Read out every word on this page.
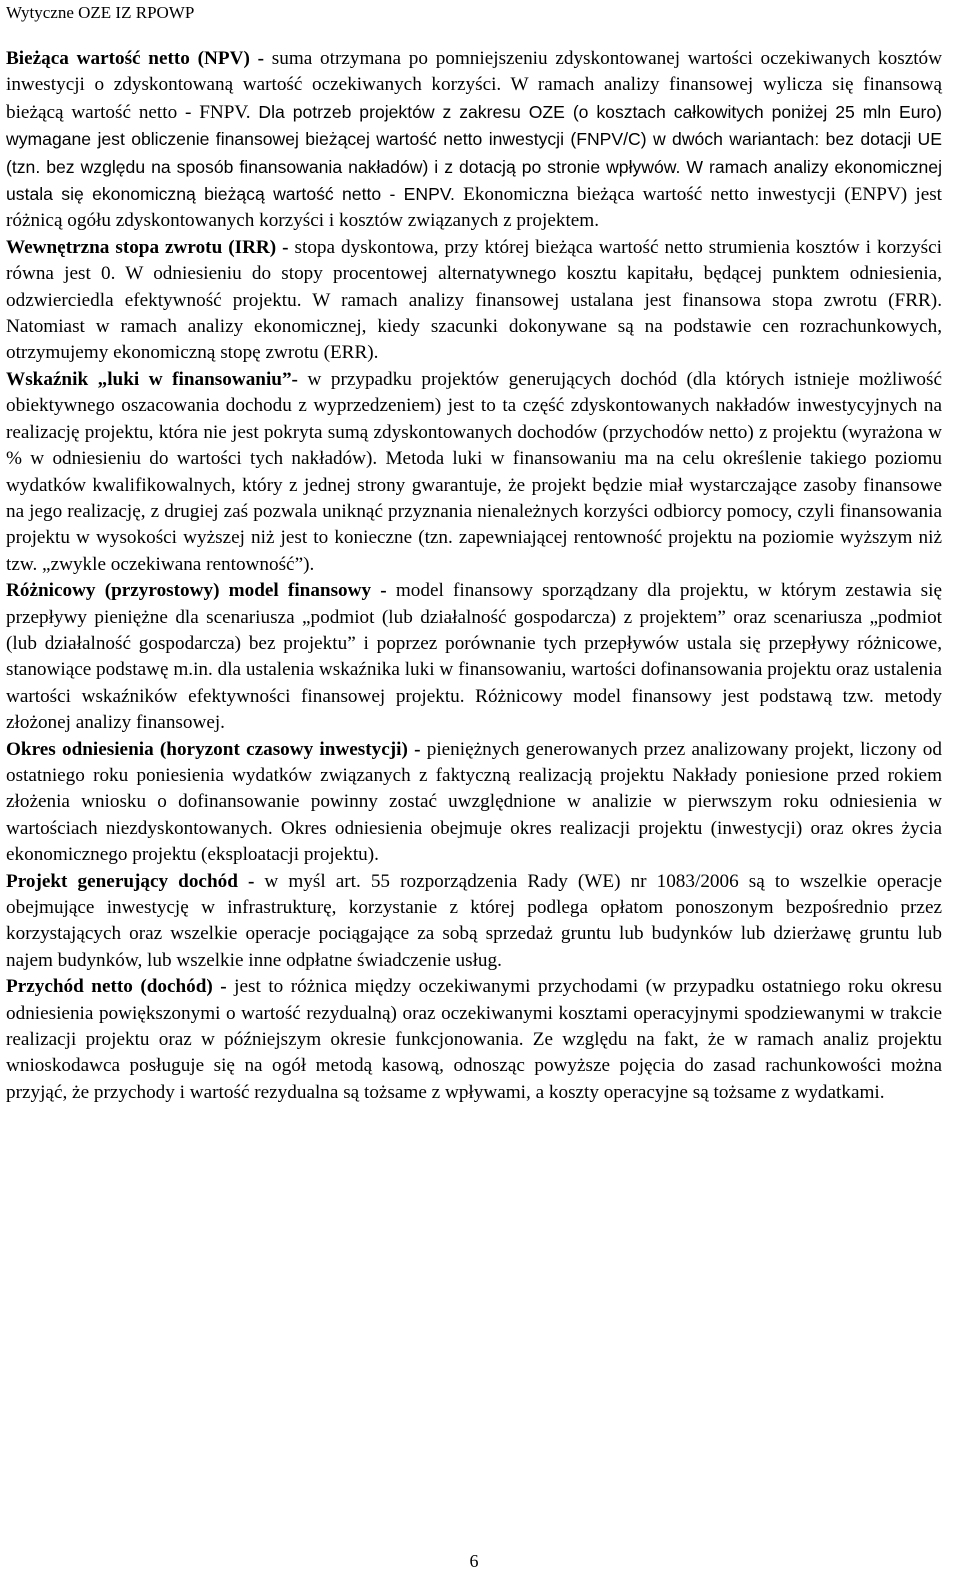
Wytyczne OZE IZ RPOWP

Bieżąca wartość netto (NPV) - suma otrzymana po pomniejszeniu zdyskontowanej wartości oczekiwanych kosztów inwestycji o zdyskontowaną wartość oczekiwanych korzyści. W ramach analizy finansowej wylicza się finansową bieżącą wartość netto - FNPV. Dla potrzeb projektów z zakresu OZE (o kosztach całkowitych poniżej 25 mln Euro) wymagane jest obliczenie finansowej bieżącej wartość netto inwestycji (FNPV/C) w dwóch wariantach: bez dotacji UE (tzn. bez względu na sposób finansowania nakładów) i z dotacją po stronie wpływów. W ramach analizy ekonomicznej ustala się ekonomiczną bieżącą wartość netto - ENPV. Ekonomiczna bieżąca wartość netto inwestycji (ENPV) jest różnicą ogółu zdyskontowanych korzyści i kosztów związanych z projektem.

Wewnętrzna stopa zwrotu (IRR) - stopa dyskontowa, przy której bieżąca wartość netto strumienia kosztów i korzyści równa jest 0. W odniesieniu do stopy procentowej alternatywnego kosztu kapitału, będącej punktem odniesienia, odzwierciedla efektywność projektu. W ramach analizy finansowej ustalana jest finansowa stopa zwrotu (FRR). Natomiast w ramach analizy ekonomicznej, kiedy szacunki dokonywane są na podstawie cen rozrachunkowych, otrzymujemy ekonomiczną stopę zwrotu (ERR).

Wskaźnik „luki w finansowaniu”- w przypadku projektów generujących dochód (dla których istnieje możliwość obiektywnego oszacowania dochodu z wyprzedzeniem) jest to ta część zdyskontowanych nakładów inwestycyjnych na realizację projektu, która nie jest pokryta sumą zdyskontowanych dochodów (przychodów netto) z projektu (wyrażona w % w odniesieniu do wartości tych nakładów). Metoda luki w finansowaniu ma na celu określenie takiego poziomu wydatków kwalifikowalnych, który z jednej strony gwarantuje, że projekt będzie miał wystarczające zasoby finansowe na jego realizację, z drugiej zaś pozwala uniknąć przyznania nienależnych korzyści odbiorcy pomocy, czyli finansowania projektu w wysokości wyższej niż jest to konieczne (tzn. zapewniającej rentowność projektu na poziomie wyższym niż tzw. „zwykle oczekiwana rentowność”).

Różnicowy (przyrostowy) model finansowy - model finansowy sporządzany dla projektu, w którym zestawia się przepływy pieniężne dla scenariusza „podmiot (lub działalność gospodarcza) z projektem” oraz scenariusza „podmiot (lub działalność gospodarcza) bez projektu” i poprzez porównanie tych przepływów ustala się przepływy różnicowe, stanowiące podstawę m.in. dla ustalenia wskaźnika luki w finansowaniu, wartości dofinansowania projektu oraz ustalenia wartości wskaźników efektywności finansowej projektu. Różnicowy model finansowy jest podstawą tzw. metody złożonej analizy finansowej.

Okres odniesienia (horyzont czasowy inwestycji) - pieniężnych generowanych przez analizowany projekt, liczony od ostatniego roku poniesienia wydatków związanych z faktyczną realizacją projektu Nakłady poniesione przed rokiem złożenia wniosku o dofinansowanie powinny zostać uwzględnione w analizie w pierwszym roku odniesienia w wartościach niezdyskontowanych. Okres odniesienia obejmuje okres realizacji projektu (inwestycji) oraz okres życia ekonomicznego projektu (eksploatacji projektu).

Projekt generujący dochód - w myśl art. 55 rozporządzenia Rady (WE) nr 1083/2006 są to wszelkie operacje obejmujące inwestycję w infrastrukturę, korzystanie z której podlega opłatom ponoszonym bezpośrednio przez korzystających oraz wszelkie operacje pociągające za sobą sprzedaż gruntu lub budynków lub dzierżawę gruntu lub najem budynków, lub wszelkie inne odpłatne świadczenie usług.

Przychód netto (dochód) - jest to różnica między oczekiwanymi przychodami (w przypadku ostatniego roku okresu odniesienia powiększonymi o wartość rezydualną) oraz oczekiwanymi kosztami operacyjnymi spodziewanymi w trakcie realizacji projektu oraz w późniejszym okresie funkcjonowania. Ze względu na fakt, że w ramach analiz projektu wnioskodawca posługuje się na ogół metodą kasową, odnosząc powyższe pojęcia do zasad rachunkowości można przyjąć, że przychody i wartość rezydualna są tożsame z wpływami, a koszty operacyjne są tożsame z wydatkami.

6
